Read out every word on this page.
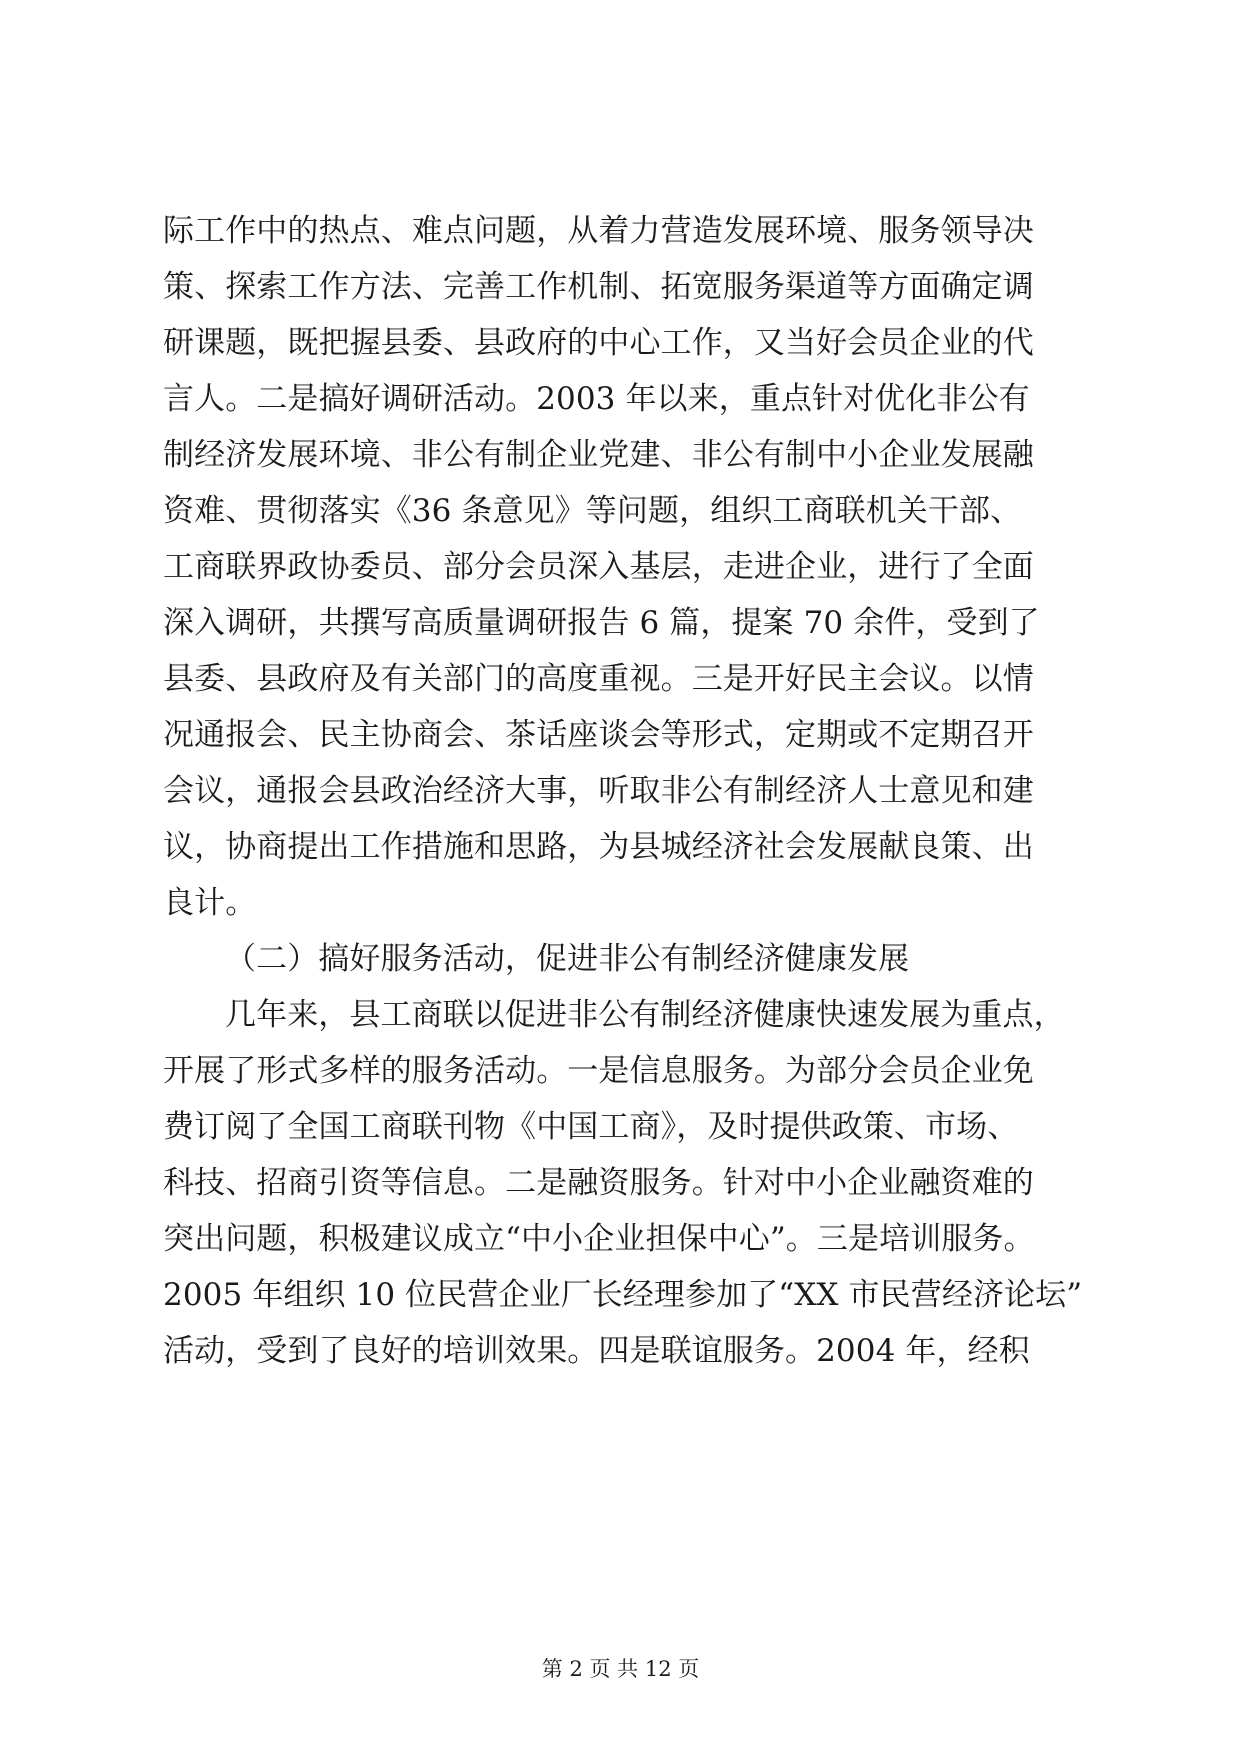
际工作中的热点、难点问题，从着力营造发展环境、服务领导决
策、探索工作方法、完善工作机制、拓宽服务渠道等方面确定调
研课题，既把握县委、县政府的中心工作，又当好会员企业的代
言人。二是搞好调研活动。2003 年以来，重点针对优化非公有
制经济发展环境、非公有制企业党建、非公有制中小企业发展融
资难、贯彻落实《36 条意见》等问题，组织工商联机关干部、
工商联界政协委员、部分会员深入基层，走进企业，进行了全面
深入调研，共撰写高质量调研报告 6 篇，提案 70 余件，受到了
县委、县政府及有关部门的高度重视。三是开好民主会议。以情
况通报会、民主协商会、茶话座谈会等形式，定期或不定期召开
会议，通报会县政治经济大事，听取非公有制经济人士意见和建
议，协商提出工作措施和思路，为县城经济社会发展献良策、出
良计。
（二）搞好服务活动，促进非公有制经济健康发展
几年来，县工商联以促进非公有制经济健康快速发展为重点，
开展了形式多样的服务活动。一是信息服务。为部分会员企业免
费订阅了全国工商联刊物《中国工商》，及时提供政策、市场、
科技、招商引资等信息。二是融资服务。针对中小企业融资难的
突出问题，积极建议成立“中小企业担保中心”。三是培训服务。
2005 年组织 10 位民营企业厂长经理参加了“XX 市民营经济论坛”
活动，受到了良好的培训效果。四是联谊服务。2004 年，经积
第 2 页 共 12 页
